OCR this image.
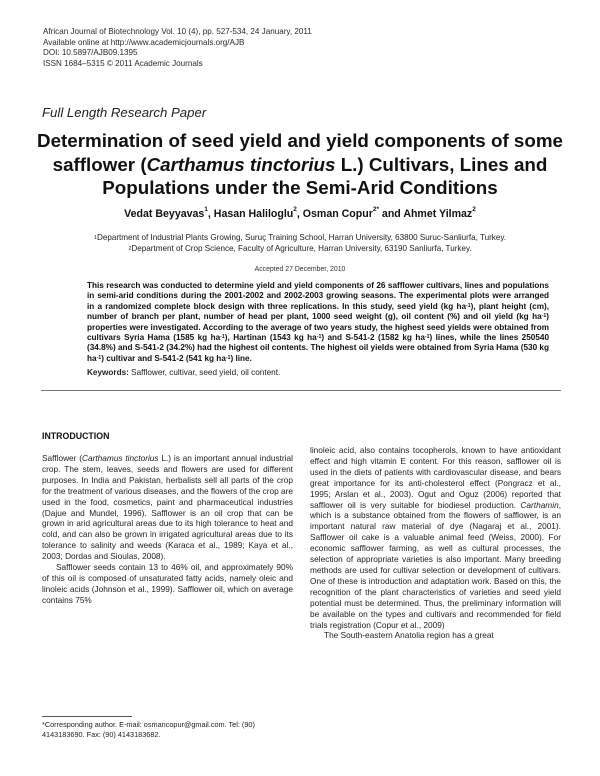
African Journal of Biotechnology Vol. 10 (4), pp. 527-534, 24 January, 2011
Available online at http://www.academicjournals.org/AJB
DOI: 10.5897/AJB09.1395
ISSN 1684–5315 © 2011 Academic Journals
Full Length Research Paper
Determination of seed yield and yield components of some safflower (Carthamus tinctorius L.) Cultivars, Lines and Populations under the Semi-Arid Conditions
Vedat Beyyavas$^1$, Hasan Haliloglu$^2$, Osman Copur$^{2*}$ and Ahmet Yilmaz$^2$
$^1$Department of Industrial Plants Growing, Suruç Training School, Harran University, 63800 Suruc-Sanliurfa, Turkey.
$^2$Department of Crop Science, Faculty of Agriculture, Harran University, 63190 Sanliurfa, Turkey.
Accepted 27 December, 2010
This research was conducted to determine yield and yield components of 26 safflower cultivars, lines and populations in semi-arid conditions during the 2001-2002 and 2002-2003 growing seasons. The experimental plots were arranged in a randomized complete block design with three replications. In this study, seed yield (kg $ha^{-1}$), plant height (cm), number of branch per plant, number of head per plant, 1000 seed weight (g), oil content (%) and oil yield (kg $ha^{-1}$) properties were investigated. According to the average of two years study, the highest seed yields were obtained from cultivars Syria Hama (1585 kg $ha^{-1}$), Hartinan (1543 kg $ha^{-1}$) and S-541-2 (1582 kg $ha^{-1}$) lines, while the lines 250540 (34.8%) and S-541-2 (34.2%) had the highest oil contents. The highest oil yields were obtained from Syria Hama (530 kg $ha^{-1}$) cultivar and S-541-2 (541 kg $ha^{-1}$) line.
Keywords: Safflower, cultivar, seed yield, oil content.
INTRODUCTION

Safflower (Carthamus tinctorius L.) is an important annual industrial crop. The stem, leaves, seeds and flowers are used for different purposes. In India and Pakistan, herbalists sell all parts of the crop for the treatment of various diseases, and the flowers of the crop are used in the food, cosmetics, paint and pharmaceutical industries (Dajue and Mundel, 1996). Safflower is an oil crop that can be grown in arid agricultural areas due to its high tolerance to heat and cold, and can also be grown in irrigated agricultural areas due to its tolerance to salinity and weeds (Karaca et al., 1989; Kaya et al., 2003; Dordas and Sioulas, 2008).

Safflower seeds contain 13 to 46% oil, and approximately 90% of this oil is composed of unsaturated fatty acids, namely oleic and linoleic acids (Johnson et al., 1999). Safflower oil, which on average contains 75%

linoleic acid, also contains tocopherols, known to have antioxidant effect and high vitamin E content. For this reason, safflower oil is used in the diets of patients with cardiovascular disease, and bears great importance for its anti-cholesterol effect (Pongracz et al., 1995; Arslan et al., 2003). Ogut and Oguz (2006) reported that safflower oil is very suitable for biodiesel production. Carthamin, which is a substance obtained from the flowers of safflower, is an important natural raw material of dye (Nagaraj et al., 2001). Safflower oil cake is a valuable animal feed (Weiss, 2000). For economic safflower farming, as well as cultural processes, the selection of appropriate varieties is also important. Many breeding methods are used for cultivar selection or development of cultivars. One of these is introduction and adaptation work. Based on this, the recognition of the plant characteristics of varieties and seed yield potential must be determined. Thus, the preliminary information will be available on the types and cultivars and recommended for field trials registration (Copur et al., 2009)

The South-eastern Anatolia region has a great

*Corresponding author. E-mail: osmancopur@gmail.com. Tel: (90) 4143183690. Fax: (90) 4143183682.
